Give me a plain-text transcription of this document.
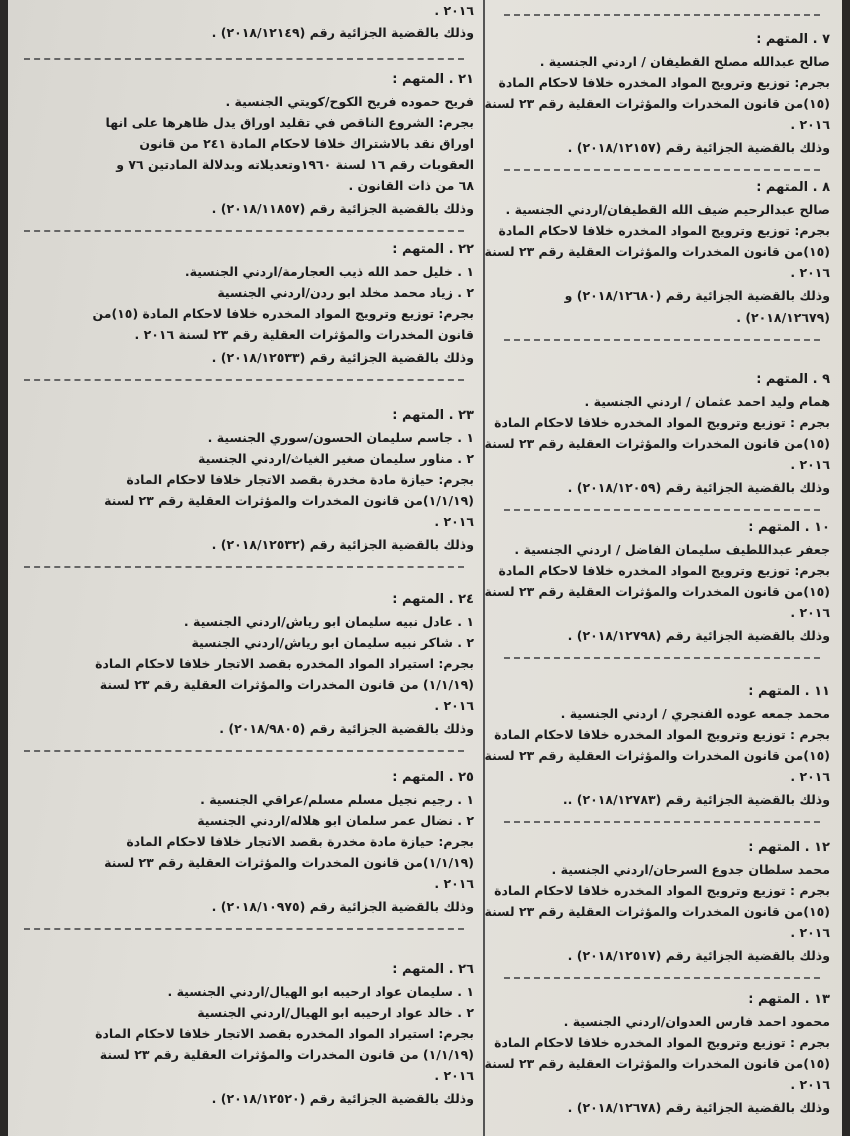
٢٠١٦ .
وذلك بالقضية الجزائية رقم (٢٠١٨/١٢١٤٩) .
٢١ . المتهم :
فريح حموده فريح الكوح/كويتي الجنسية .
بجرم: الشروع الناقص في تقليد اوراق يدل ظاهرها على انها
اوراق نقد بالاشتراك خلافا لاحكام المادة ٢٤١ من قانون
العقوبات رقم ١٦ لسنة ١٩٦٠وتعديلاته وبدلالة المادتين ٧٦ و
٦٨ من ذات القانون .
وذلك بالقضية الجزائية رقم (٢٠١٨/١١٨٥٧) .
٢٢ . المتهم :
١ . خليل حمد الله ذيب العجارمة/اردني الجنسية.
٢ . زياد محمد مخلد ابو ردن/اردني الجنسية
بجرم: توزيع وترويج المواد المخدره خلافا لاحكام المادة (١٥)من
قانون المخدرات والمؤثرات العقلية رقم ٢٣ لسنة ٢٠١٦ .
وذلك بالقضية الجزائية رقم (٢٠١٨/١٢٥٣٣) .
٢٣ . المتهم :
١ . جاسم سليمان الحسون/سوري الجنسية .
٢ . مناور سليمان صغير الغياث/اردني الجنسية
بجرم: حيازة مادة مخدرة بقصد الاتجار خلافا لاحكام المادة
(١/١/١٩)من قانون المخدرات والمؤثرات العقلية رقم ٢٣ لسنة
٢٠١٦ .
وذلك بالقضية الجزائية رقم (٢٠١٨/١٢٥٣٢) .
٢٤ . المتهم :
١ . عادل نبيه سليمان ابو رياش/اردني الجنسية .
٢ . شاكر نبيه سليمان ابو رياش/اردني الجنسية
بجرم: استيراد المواد المخدره بقصد الاتجار خلافا لاحكام المادة
(١/١/١٩) من قانون المخدرات والمؤثرات العقلية رقم ٢٣ لسنة
٢٠١٦ .
وذلك بالقضية الجزائية رقم (٢٠١٨/٩٨٠٥) .
٢٥ . المتهم :
١ . رجيم نجيل مسلم مسلم/عراقي الجنسية .
٢ . نضال عمر سلمان ابو هلاله/اردني الجنسية
بجرم: حيازة مادة مخدرة بقصد الاتجار خلافا لاحكام المادة
(١/١/١٩)من قانون المخدرات والمؤثرات العقلية رقم ٢٣ لسنة
٢٠١٦ .
وذلك بالقضية الجزائية رقم (٢٠١٨/١٠٩٧٥) .
٢٦ . المتهم :
١ . سليمان عواد ارحيبه ابو الهيال/اردني الجنسية .
٢ . خالد عواد ارحيبه ابو الهيال/اردني الجنسية
بجرم: استيراد المواد المخدره بقصد الاتجار خلافا لاحكام المادة
(١/١/١٩) من قانون المخدرات والمؤثرات العقلية رقم ٢٣ لسنة
٢٠١٦ .
وذلك بالقضية الجزائية رقم (٢٠١٨/١٢٥٢٠) .
٧ . المتهم :
صالح عبدالله مصلح القطيفان / اردني الجنسية .
بجرم: توزيع وترويج المواد المخدره خلافا لاحكام المادة
(١٥)من قانون المخدرات والمؤثرات العقلية رقم ٢٣ لسنة
٢٠١٦ .
وذلك بالقضية الجزائية رقم (٢٠١٨/١٢١٥٧) .
٨ . المتهم :
صالح عبدالرحيم ضيف الله القطيفان/اردني الجنسية .
بجرم: توزيع وترويج المواد المخدره خلافا لاحكام المادة
(١٥)من قانون المخدرات والمؤثرات العقلية رقم ٢٣ لسنة
٢٠١٦ .
وذلك بالقضية الجزائية رقم (٢٠١٨/١٢٦٨٠) و (٢٠١٨/١٢٦٧٩) .
٩ . المتهم :
همام وليد احمد عثمان / اردني الجنسية .
بجرم : توزيع وترويج المواد المخدره خلافا لاحكام المادة
(١٥)من قانون المخدرات والمؤثرات العقلية رقم ٢٣ لسنة
٢٠١٦ .
وذلك بالقضية الجزائية رقم (٢٠١٨/١٢٠٥٩) .
١٠ . المتهم :
جعفر عبداللطيف سليمان الفاضل / اردني الجنسية .
بجرم: توزيع وترويج المواد المخدره خلافا لاحكام المادة
(١٥)من قانون المخدرات والمؤثرات العقلية رقم ٢٣ لسنة
٢٠١٦ .
وذلك بالقضية الجزائية رقم (٢٠١٨/١٢٧٩٨) .
١١ . المتهم :
محمد جمعه عوده الفنجري / اردني الجنسية .
بجرم : توزيع وترويج المواد المخدره خلافا لاحكام المادة
(١٥)من قانون المخدرات والمؤثرات العقلية رقم ٢٣ لسنة
٢٠١٦ .
وذلك بالقضية الجزائية رقم (٢٠١٨/١٢٧٨٣) ..
١٢ . المتهم :
محمد سلطان جدوع السرحان/اردني الجنسية .
بجرم : توزيع وترويج المواد المخدره خلافا لاحكام المادة
(١٥)من قانون المخدرات والمؤثرات العقلية رقم ٢٣ لسنة
٢٠١٦ .
وذلك بالقضية الجزائية رقم (٢٠١٨/١٢٥١٧) .
١٣ . المتهم :
محمود احمد فارس العدوان/اردني الجنسية .
بجرم : توزيع وترويج المواد المخدره خلافا لاحكام المادة
(١٥)من قانون المخدرات والمؤثرات العقلية رقم ٢٣ لسنة
٢٠١٦ .
وذلك بالقضية الجزائية رقم (٢٠١٨/١٢٦٧٨) .
